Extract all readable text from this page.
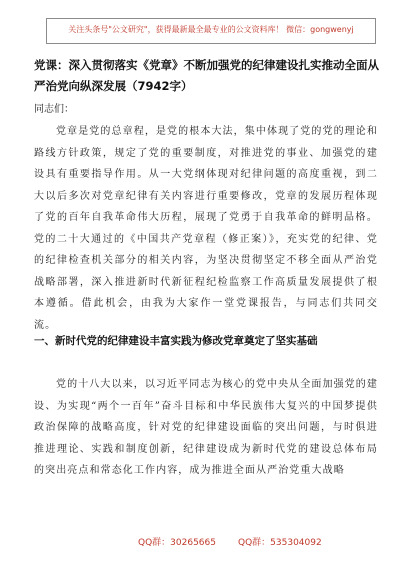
关注头条号"公文研究"，获得最新最全最专业的公文资料库！ 微信：gongwenyj
党课：深入贯彻落实《党章》不断加强党的纪律建设扎实推动全面从严治党向纵深发展（7942字）
同志们：

党章是党的总章程，是党的根本大法，集中体现了党的党的理论和路线方针政策，规定了党的重要制度，对推进党的事业、加强党的建设具有重要指导作用。从一大党纲体现对纪律问题的高度重视，到二大以后多次对党章纪律有关内容进行重要修改，党章的发展历程体现了党的百年自我革命伟大历程，展现了党勇于自我革命的鲜明品格。党的二十大通过的《中国共产党章程（修正案）》，充实党的纪律、党的纪律检查机关部分的相关内容，为坚决贯彻坚定不移全面从严治党战略部署，深入推进新时代新征程纪检监察工作高质量发展提供了根本遵循。借此机会，由我为大家作一堂党课报告，与同志们共同交流。

一、新时代党的纪律建设丰富实践为修改党章奠定了坚实基础

党的十八大以来，以习近平同志为核心的党中央从全面加强党的建设、为实现“两个一百年”奋斗目标和中华民族伟大复兴的中国梦提供政治保障的战略高度，针对党的纪律建设面临的突出问题，与时俱进推进理论、实践和制度创新，纪律建设成为新时代党的建设总体布局的突出亮点和常态化工作内容，成为推进全面从严治党重大战略

QQ群：30265665 QQ群：535304092
